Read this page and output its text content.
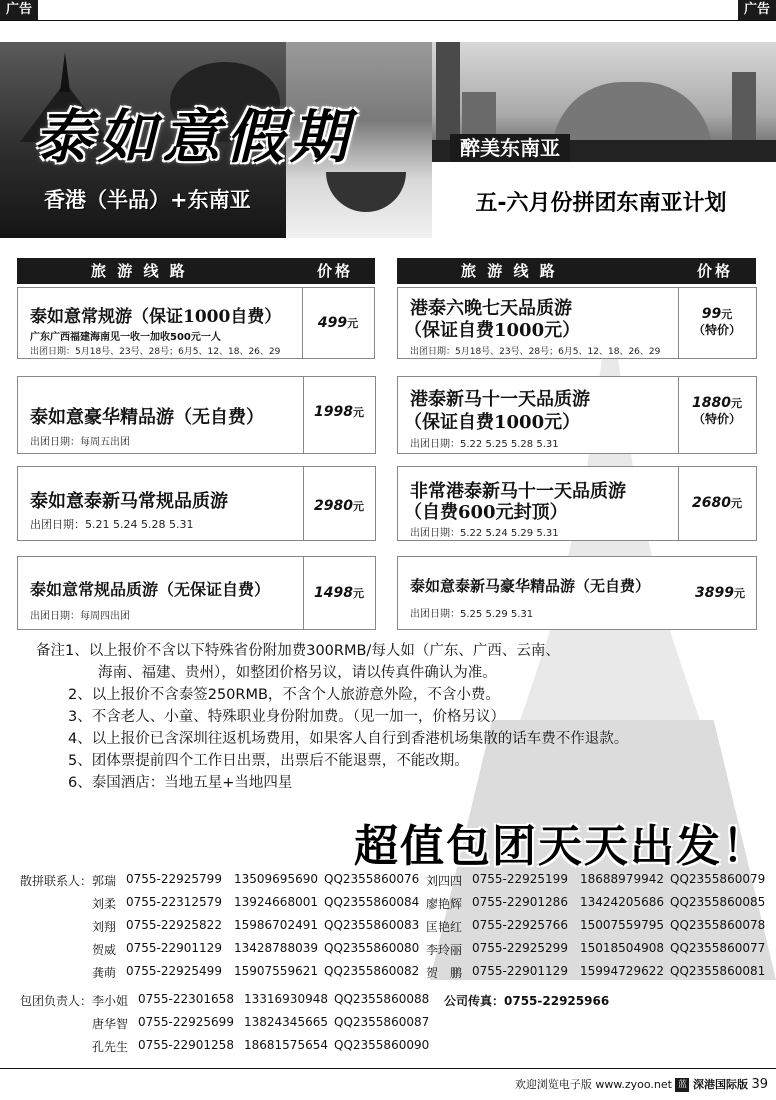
广告	广告
泰如意假期
香港（半品）+东南亚
醉美东南亚
五-六月份拼团东南亚计划
旅 游 线 路	价格	旅 游 线 路	价格
泰如意常规游（保证1000自费）
广东广西福建海南见一收一加收500元一人
出团日期：5月18号、23号、28号；6月5、12、18、26、29
499元
泰如意豪华精品游（无自费）
出团日期：每周五出团
1998元
泰如意泰新马常规品质游
出团日期：5.21 5.24 5.28 5.31
2980元
泰如意常规品质游（无保证自费）
出团日期：每周四出团
1498元
港泰六晚七天品质游
（保证自费1000元）
出团日期：5月18号、23号、28号；6月5、12、18、26、29
99元
（特价）
港泰新马十一天品质游
（保证自费1000元）
出团日期：5.22 5.25 5.28 5.31
1880元
（特价）
非常港泰新马十一天品质游
（自费600元封顶）
出团日期：5.22 5.24 5.29 5.31
2680元
泰如意泰新马豪华精品游（无自费）
出团日期：5.25 5.29 5.31
3899元
备注1、以上报价不含以下特殊省份附加费300RMB/每人如（广东、广西、云南、
海南、福建、贵州），如整团价格另议，请以传真件确认为准。
2、以上报价不含泰签250RMB，不含个人旅游意外险，不含小费。
3、不含老人、小童、特殊职业身份附加费。（见一加一，价格另议）
4、以上报价已含深圳往返机场费用，如果客人自行到香港机场集散的话车费不作退款。
5、团体票提前四个工作日出票，出票后不能退票，不能改期。
6、泰国酒店：当地五星+当地四星
超值包团天天出发！
散拼联系人： 郭瑞 0755-22925799 13509695690 QQ2355860076 刘四四 0755-22925199 18688979942 QQ2355860079
刘柔 0755-22312579 13924668001 QQ2355860084 廖艳辉 0755-22901286 13424205686 QQ2355860085
刘翔 0755-22925822 15986702491 QQ2355860083 匡艳红 0755-22925766 15007559795 QQ2355860078
贺威 0755-22901129 13428788039 QQ2355860080 李玲丽 0755-22925299 15018504908 QQ2355860077
龚萌 0755-22925499 15907559621 QQ2355860082 贺　鹏 0755-22901129 15994729622 QQ2355860081
包团负责人： 李小姐 0755-22301658 13316930948 QQ2355860088 公司传真：0755-22925966
唐华智 0755-22925699 13824345665 QQ2355860087
孔先生 0755-22901258 18681575654 QQ2355860090
欢迎浏览电子版 www.zyoo.net 蓝 深港国际版 39
